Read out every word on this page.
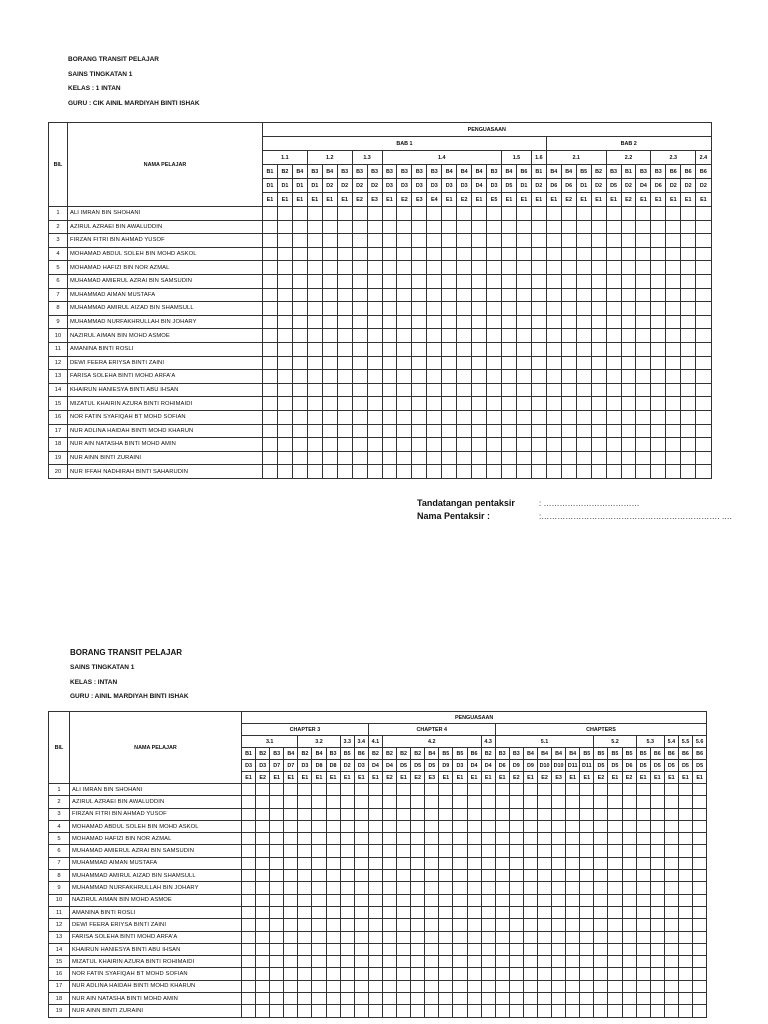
BORANG TRANSIT PELAJAR
SAINS TINGKATAN 1
KELAS : 1 INTAN
GURU : CIK AINIL MARDIYAH BINTI ISHAK
BIL	NAMA PELAJAR	PENGUASAAN																													
		BAB 1																			BAB 2										
		1.1			1.2			1.3		1.4								1.5		1.6	2.1				2.2			2.3			2.4
		B1	B2	B4	B3	B4	B3	B3	B3	B3	B3	B3	B3	B4	B4	B4	B3	B4	B6	B1	B4	B4	B5	B2	B3	B1	B3	B3	B6	B6	B6
		D1	D1	D1	D1	D2	D2	D2	D2	D3	D3	D3	D3	D3	D3	D4	D3	D5	D1	D2	D6	D6	D1	D2	D5	D2	D4	D6	D2	D2	D2
		E1	E1	E1	E1	E1	E1	E2	E3	E1	E2	E3	E4	E1	E2	E1	E5	E1	E1	E1	E1	E2	E1	E1	E1	E2	E1	E1	E1	E1	E1
1	ALI IMRAN BIN SHOHANI																														
2	AZIRUL AZRAEI BIN AWALUDDIN																														
3	FIRZAN FITRI BIN AHMAD YUSOF																														
4	MOHAMAD ABDUL SOLEH BIN MOHD ASKOL																														
5	MOHAMAD HAFIZI BIN NOR AZMAL																														
6	MUHAMAD AMIERUL AZRAI BIN SAMSUDIN																														
7	MUHAMMAD AIMAN MUSTAFA																														
8	MUHAMMAD AMIRUL AIZAD BIN SHAMSULL																														
9	MUHAMMAD NURFAKHRULLAH BIN JOHARY																														
10	NAZIRUL AIMAN BIN MOHD ASMOE																														
11	AMANINA BINTI ROSLI																														
12	DEWI FEERA ERIYSA BINTI ZAINI																														
13	FARISA SOLEHA BINTI MOHD ARFA'A																														
14	KHAIRUN HANIESYA BINTI ABU IHSAN																														
15	MIZATUL KHAIRIN AZURA BINTI ROHIMAIDI																														
16	NOR FATIN SYAFIQAH BT MOHD SOFIAN																														
17	NUR ADLINA HAIDAH BINTI MOHD KHARUN																														
18	NUR AIN NATASHA BINTI MOHD AMIN																														
19	NUR AINN BINTI ZURAINI																														
20	NUR IFFAH NADHIRAH BINTI SAHARUDIN																														
Tandatangan pentaksir	: ………………………………
Nama Pentaksir :	:…………………………………………………………. ….
BORANG TRANSIT PELAJAR
SAINS TINGKATAN 1
KELAS : INTAN
GURU : AINIL MARDIYAH BINTI ISHAK
BIL	NAMA PELAJAR	PENGUASAAN																																
		CHAPTER 3									CHAPTER 4									CHAPTERS														
		3.1				3.2			3.3	3.4	4.1	4.2							4.3	5.1							5.2			5.3		5.4	5.5	5.6
		B1	B2	B3	B4	B2	B4	B3	B5	B6	B2	B2	B2	B2	B4	B5	B5	B6	B2	B3	B3	B4	B4	B4	B4	B5	B5	B5	B5	B5	B6	B6	B6	B6
		D3	D3	D7	D7	D3	D8	D8	D2	D3	D4	D4	D5	D5	D5	D9	D3	D4	D4	D6	D9	D9	D10	D10	D11	D11	D5	D5	D6	D5	D5	D5	D5	D5
		E1	E2	E1	E1	E1	E1	E1	E1	E1	E1	E2	E1	E2	E3	E1	E1	E1	E1	E1	E2	E1	E2	E3	E1	E1	E2	E1	E2	E1	E1	E1	E1	E1
1	ALI IMRAN BIN SHOHANI																																	
2	AZIRUL AZRAEI BIN AWALUDDIN																																	
3	FIRZAN FITRI BIN AHMAD YUSOF																																	
4	MOHAMAD ABDUL SOLEH BIN MOHD ASKOL																																	
5	MOHAMAD HAFIZI BIN NOR AZMAL																																	
6	MUHAMAD AMIERUL AZRAI BIN SAMSUDIN																																	
7	MUHAMMAD AIMAN MUSTAFA																																	
8	MUHAMMAD AMIRUL AIZAD BIN SHAMSULL																																	
9	MUHAMMAD NURFAKHRULLAH BIN JOHARY																																	
10	NAZIRUL AIMAN BIN MOHD ASMOE																																	
11	AMANINA BINTI ROSLI																																	
12	DEWI FEERA ERIYSA BINTI ZAINI																																	
13	FARISA SOLEHA BINTI MOHD ARFA'A																																	
14	KHAIRUN HANIESYA BINTI ABU IHSAN																																	
15	MIZATUL KHAIRIN AZURA BINTI ROHIMAIDI																																	
16	NOR FATIN SYAFIQAH BT MOHD SOFIAN																																	
17	NUR ADLINA HAIDAH BINTI MOHD KHARUN																																	
18	NUR AIN NATASHA BINTI MOHD AMIN																																	
19	NUR AINN BINTI ZURAINI																																	
